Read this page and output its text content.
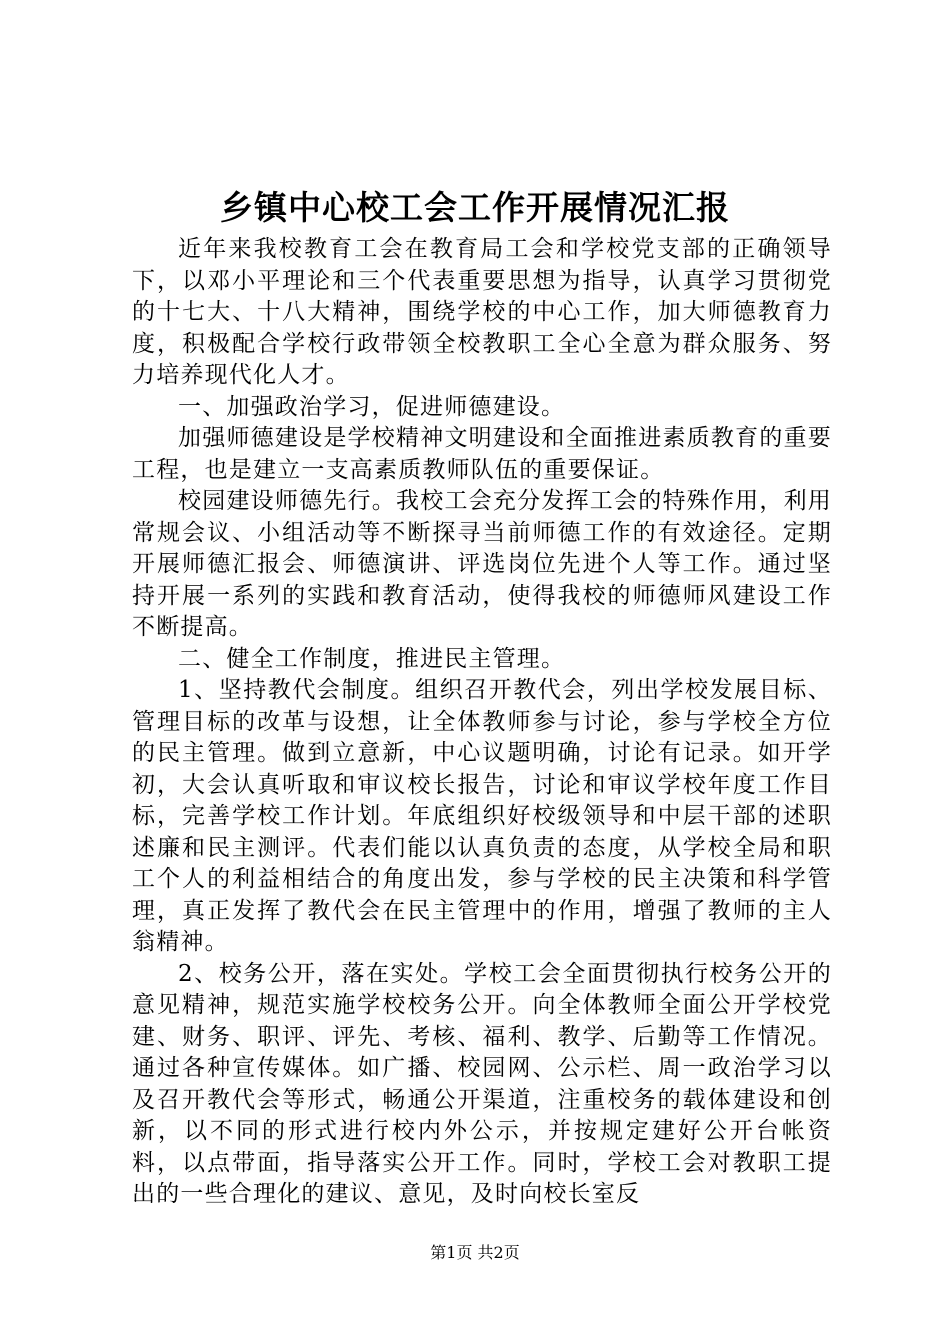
乡镇中心校工会工作开展情况汇报

近年来我校教育工会在教育局工会和学校党支部的正确领导下，以邓小平理论和三个代表重要思想为指导，认真学习贯彻党的十七大、十八大精神，围绕学校的中心工作，加大师德教育力度，积极配合学校行政带领全校教职工全心全意为群众服务、努力培养现代化人才。

一、加强政治学习，促进师德建设。

加强师德建设是学校精神文明建设和全面推进素质教育的重要工程，也是建立一支高素质教师队伍的重要保证。

校园建设师德先行。我校工会充分发挥工会的特殊作用，利用常规会议、小组活动等不断探寻当前师德工作的有效途径。定期开展师德汇报会、师德演讲、评选岗位先进个人等工作。通过坚持开展一系列的实践和教育活动，使得我校的师德师风建设工作不断提高。

二、健全工作制度，推进民主管理。

1、坚持教代会制度。组织召开教代会，列出学校发展目标、管理目标的改革与设想，让全体教师参与讨论，参与学校全方位的民主管理。做到立意新，中心议题明确，讨论有记录。如开学初，大会认真听取和审议校长报告，讨论和审议学校年度工作目标，完善学校工作计划。年底组织好校级领导和中层干部的述职述廉和民主测评。代表们能以认真负责的态度，从学校全局和职工个人的利益相结合的角度出发，参与学校的民主决策和科学管理，真正发挥了教代会在民主管理中的作用，增强了教师的主人翁精神。

2、校务公开，落在实处。学校工会全面贯彻执行校务公开的意见精神，规范实施学校校务公开。向全体教师全面公开学校党建、财务、职评、评先、考核、福利、教学、后勤等工作情况。通过各种宣传媒体。如广播、校园网、公示栏、周一政治学习以及召开教代会等形式，畅通公开渠道，注重校务的载体建设和创新，以不同的形式进行校内外公示，并按规定建好公开台帐资料，以点带面，指导落实公开工作。同时，学校工会对教职工提出的一些合理化的建议、意见，及时向校长室反

第1页 共2页
